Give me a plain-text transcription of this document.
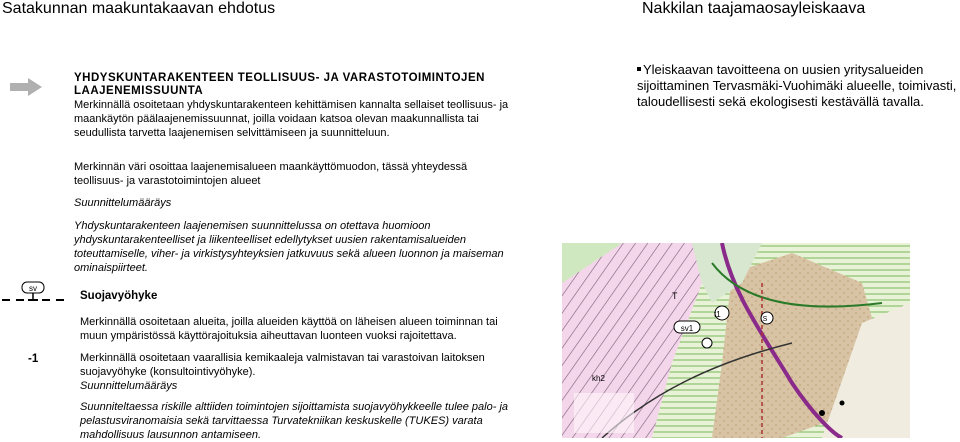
Satakunnan maakuntakaavan ehdotus	Nakkilan taajamaosayleiskaava
YHDYSKUNTARAKENTEEN TEOLLISUUS- JA VARASTOTOIMINTOJEN LAAJENEMISSUUNTA
Merkinnällä osoitetaan yhdyskuntarakenteen kehittämisen kannalta sellaiset teollisuus- ja maankäytön päälaajenemissuunnat, joilla voidaan katsoa olevan maakunnallista tai seudullista tarvetta laajenemisen selvittämiseen ja suunnitteluun.
Merkinnän väri osoittaa laajenemisalueen maankäyttömuodon, tässä yhteydessä teollisuus- ja varastotoimintojen alueet
Suunnittelumääräys
Yhdyskuntarakenteen laajenemisen suunnittelussa on otettava huomioon yhdyskuntarakenteelliset ja liikenteelliset edellytykset uusien rakentamisalueiden toteuttamiselle, viher- ja virkistysyhteyksien jatkuvuus sekä alueen luonnon ja maiseman ominaispiirteet.
sv
Suojavyöhyke
Merkinnällä osoitetaan alueita, joilla alueiden käyttöä on läheisen alueen toiminnan tai muun ympäristössä käyttörajoituksia aiheuttavan luonteen vuoksi rajoitettava.
-1	Merkinnällä osoitetaan vaarallisia kemikaaleja valmistavan tai varastoivan laitoksen suojavyöhyke (konsultointivyöhyke).
Suunnittelumääräys
Suunniteltaessa riskille alttiiden toimintojen sijoittamista suojavyöhykkeelle tulee palo- ja pelastusviranomaisia sekä tarvittaessa Turvatekniikan keskuskelle (TUKES) varata mahdollisuus lausunnon antamiseen.
Yleiskaavan tavoitteena on uusien yritysalueiden sijoittaminen Tervasmäki-Vuohimäki alueelle, toimivasti, taloudellisesti sekä ekologisesti kestävällä tavalla.
sv1
T
t1
kh2
S
